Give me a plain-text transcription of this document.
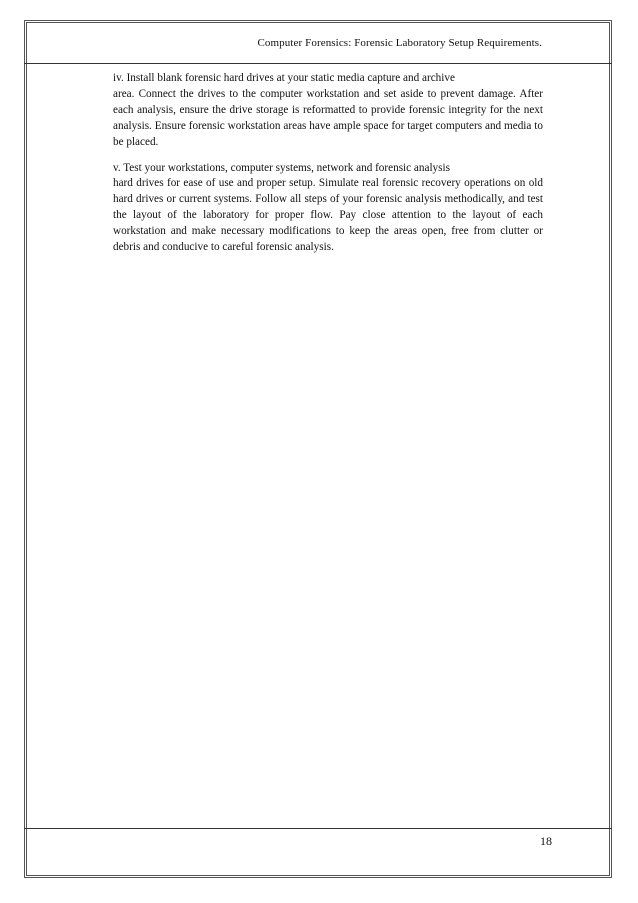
Computer Forensics: Forensic Laboratory Setup Requirements.

iv. Install blank forensic hard drives at your static media capture and archive
area. Connect the drives to the computer workstation and set aside to prevent damage. After each analysis, ensure the drive storage is reformatted to provide forensic integrity for the next analysis. Ensure forensic workstation areas have ample space for target computers and media to be placed.

v. Test your workstations, computer systems, network and forensic analysis
hard drives for ease of use and proper setup. Simulate real forensic recovery operations on old hard drives or current systems. Follow all steps of your forensic analysis methodically, and test the layout of the laboratory for proper flow. Pay close attention to the layout of each workstation and make necessary modifications to keep the areas open, free from clutter or debris and conducive to careful forensic analysis.

18
